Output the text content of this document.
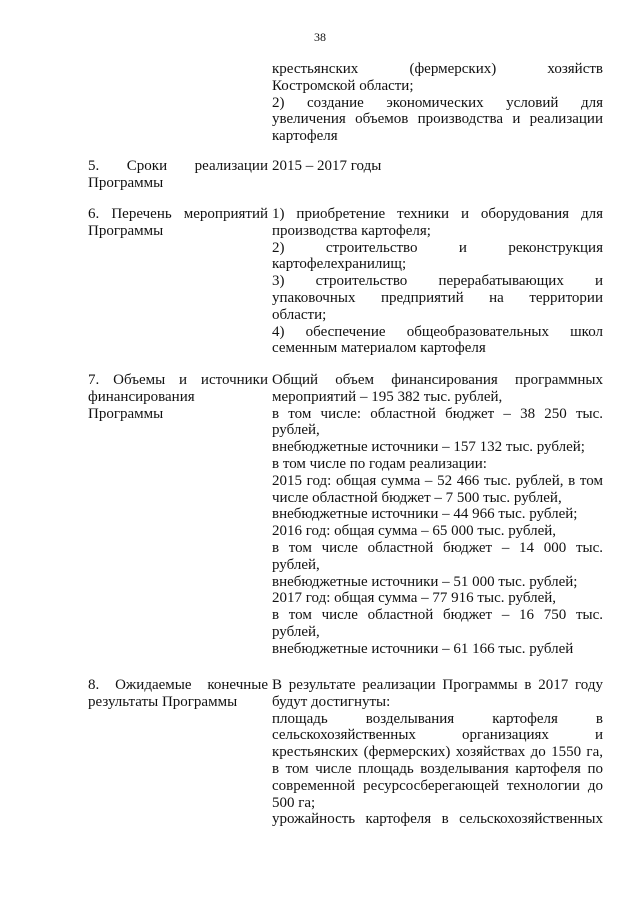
38
крестьянских (фермерских) хозяйств
Костромской области;
2) создание экономических условий для
увеличения объемов производства и реализации
картофеля
5. Сроки реализации
Программы
2015 – 2017 годы
6. Перечень мероприятий
Программы
1) приобретение техники и оборудования для
производства картофеля;
2) строительство и реконструкция
картофелехранилищ;
3) строительство перерабатывающих и
упаковочных предприятий на территории
области;
4) обеспечение общеобразовательных школ
семенным материалом картофеля
7. Объемы и источники
финансирования
Программы
Общий объем финансирования программных
мероприятий – 195 382 тыс. рублей,
в том числе: областной бюджет – 38 250 тыс.
рублей,
внебюджетные источники – 157 132 тыс. рублей;
в том числе по годам реализации:
2015 год: общая сумма – 52 466 тыс. рублей, в том
числе областной бюджет – 7 500 тыс. рублей,
внебюджетные источники – 44 966 тыс. рублей;
2016 год: общая сумма – 65 000 тыс. рублей,
в том числе областной бюджет – 14 000 тыс.
рублей,
внебюджетные источники – 51 000 тыс. рублей;
2017 год: общая сумма – 77 916 тыс. рублей,
в том числе областной бюджет – 16 750 тыс.
рублей,
внебюджетные источники – 61 166 тыс. рублей
8. Ожидаемые конечные
результаты Программы
В результате реализации Программы в 2017 году
будут достигнуты:
площадь возделывания картофеля в
сельскохозяйственных организациях и
крестьянских (фермерских) хозяйствах до 1550 га,
в том числе площадь возделывания картофеля по
современной ресурсосберегающей технологии до
500 га;
урожайность картофеля в сельскохозяйственных
